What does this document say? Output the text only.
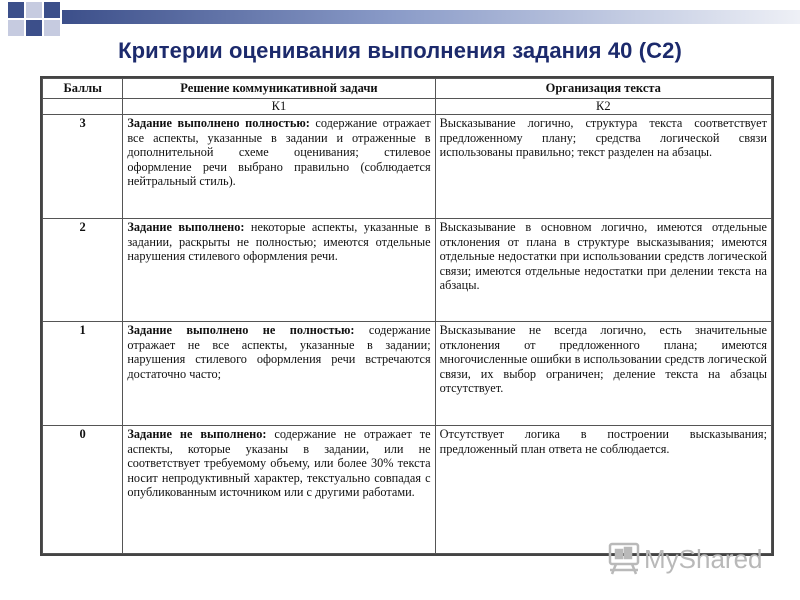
Критерии оценивания выполнения задания 40 (С2)
Баллы	Решение коммуникативной задачи	Организация текста
	К1	К2
3	Задание выполнено полностью: содержание отражает все аспекты, указанные в задании и отраженные в дополнительной схеме оценивания; стилевое оформление речи выбрано правильно (соблюдается нейтральный стиль).	Высказывание логично, структура текста соответствует предложенному плану; средства логической связи использованы правильно; текст разделен на абзацы.
2	Задание выполнено: некоторые аспекты, указанные в задании, раскрыты не полностью; имеются отдельные нарушения стилевого оформления речи.	Высказывание в основном логично, имеются отдельные отклонения от плана в структуре высказывания; имеются отдельные недостатки при использовании средств логической связи; имеются отдельные недостатки при делении текста на абзацы.
1	Задание выполнено не полностью: содержание отражает не все аспекты, указанные в задании; нарушения стилевого оформления речи встречаются достаточно часто;	Высказывание не всегда логично, есть значительные отклонения от предложенного плана; имеются многочисленные ошибки в использовании средств логической связи, их выбор ограничен; деление текста на абзацы отсутствует.
0	Задание не выполнено: содержание не отражает те аспекты, которые указаны в задании, или не соответствует требуемому объему, или более 30% текста носит непродуктивный характер, текстуально совпадая с опубликованным источником или с другими работами.	Отсутствует логика в построении высказывания; предложенный план ответа не соблюдается.
MyShared
